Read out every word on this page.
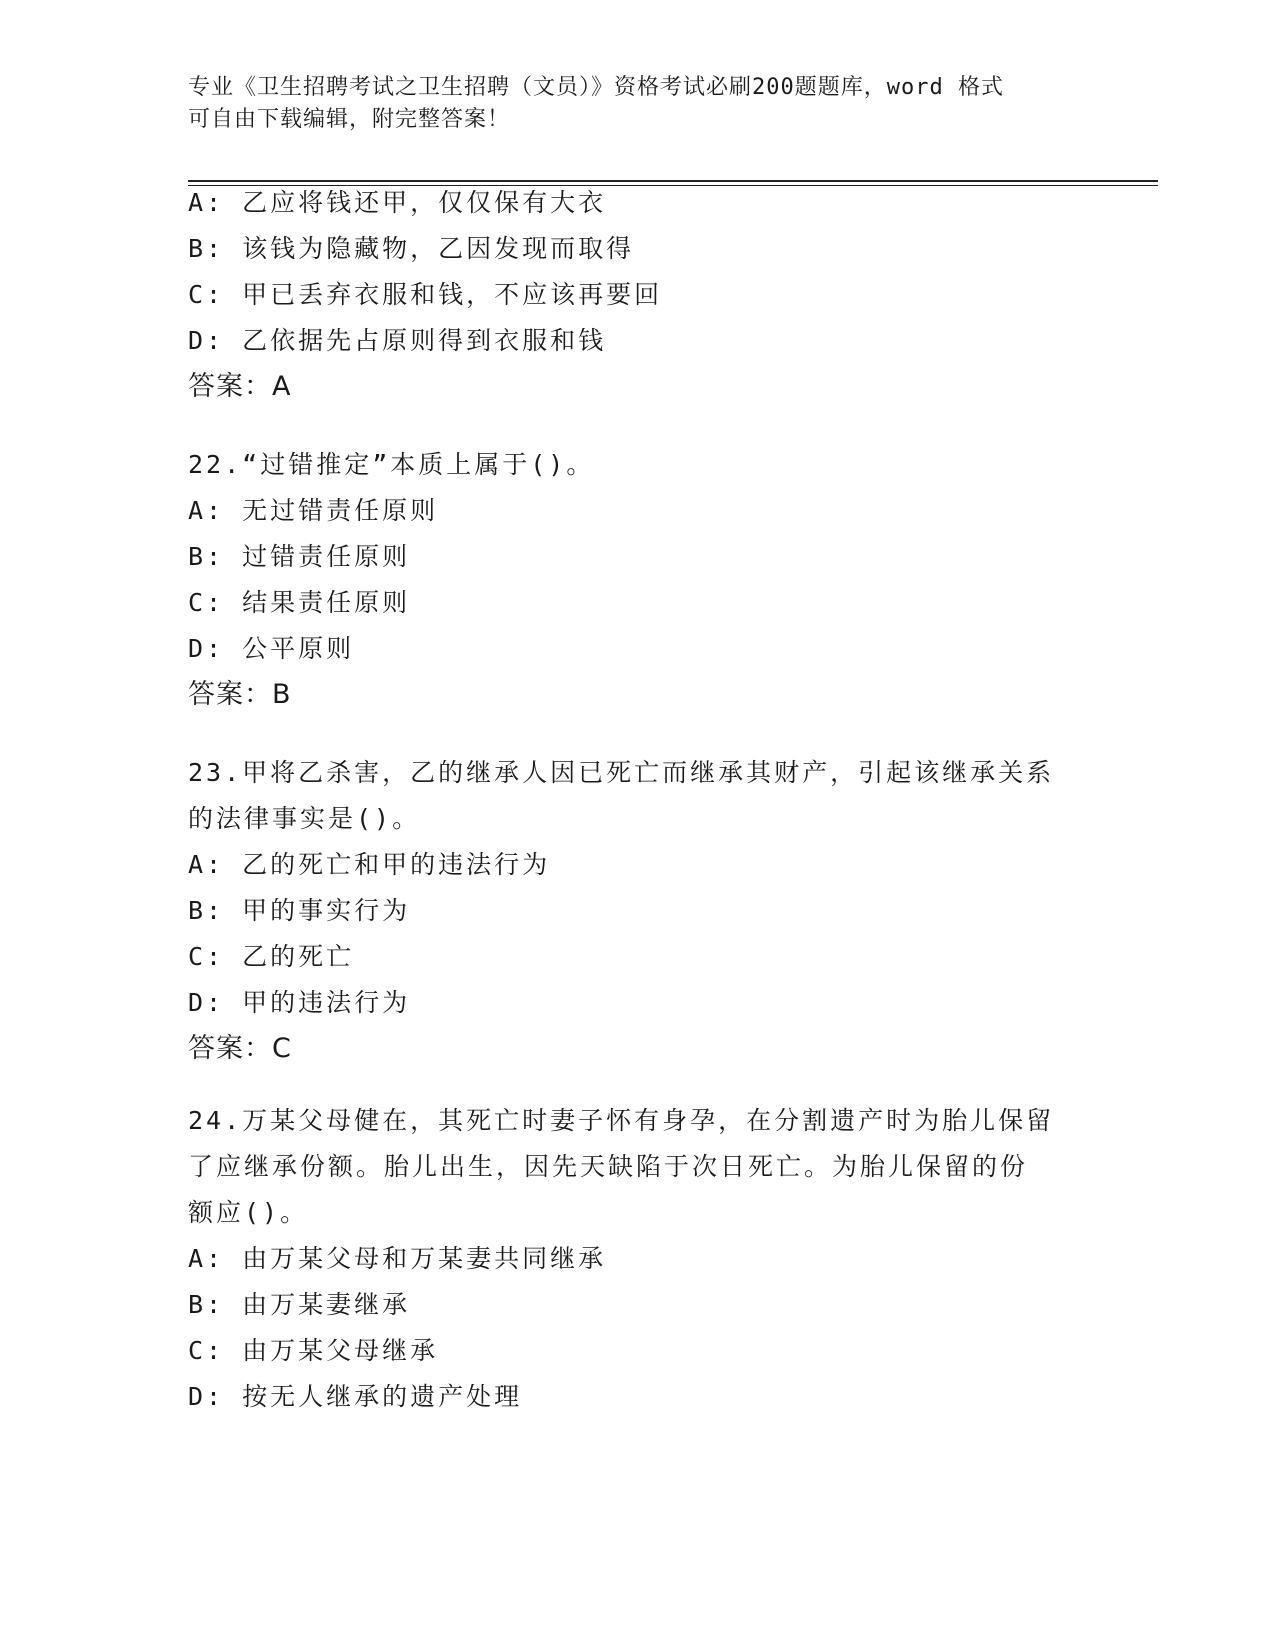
专业《卫生招聘考试之卫生招聘（文员）》资格考试必刷200题题库，word 格式
可自由下载编辑，附完整答案！
A: 乙应将钱还甲，仅仅保有大衣
B: 该钱为隐藏物，乙因发现而取得
C: 甲已丢弃衣服和钱，不应该再要回
D: 乙依据先占原则得到衣服和钱
答案：A
22.“过错推定”本质上属于()。
A: 无过错责任原则
B: 过错责任原则
C: 结果责任原则
D: 公平原则
答案：B
23.甲将乙杀害，乙的继承人因已死亡而继承其财产，引起该继承关系
的法律事实是()。
A: 乙的死亡和甲的违法行为
B: 甲的事实行为
C: 乙的死亡
D: 甲的违法行为
答案：C
24.万某父母健在，其死亡时妻子怀有身孕，在分割遗产时为胎儿保留
了应继承份额。胎儿出生，因先天缺陷于次日死亡。为胎儿保留的份
额应()。
A: 由万某父母和万某妻共同继承
B: 由万某妻继承
C: 由万某父母继承
D: 按无人继承的遗产处理
